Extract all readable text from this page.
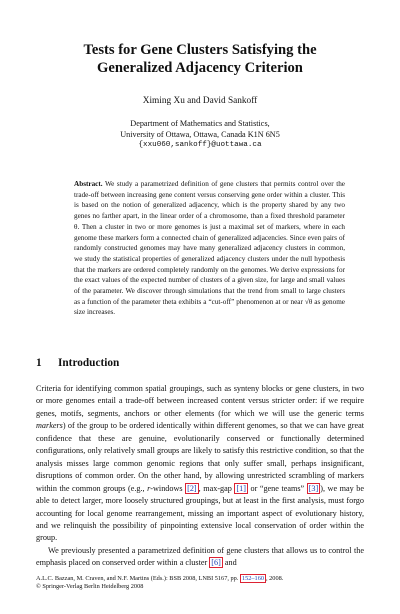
Tests for Gene Clusters Satisfying the
Generalized Adjacency Criterion
Ximing Xu and David Sankoff
Department of Mathematics and Statistics,
University of Ottawa, Ottawa, Canada K1N 6N5
{xxu060,sankoff}@uottawa.ca
Abstract. We study a parametrized definition of gene clusters that permits control over the trade-off between increasing gene content versus conserving gene order within a cluster. This is based on the notion of generalized adjacency, which is the property shared by any two genes no farther apart, in the linear order of a chromosome, than a fixed threshold parameter θ. Then a cluster in two or more genomes is just a maximal set of markers, where in each genome these markers form a connected chain of generalized adjacencies. Since even pairs of randomly constructed genomes may have many generalized adjacency clusters in common, we study the statistical properties of generalized adjacency clusters under the null hypothesis that the markers are ordered completely randomly on the genomes. We derive expressions for the exact values of the expected number of clusters of a given size, for large and small values of the parameter. We discover through simulations that the trend from small to large clusters as a function of the parameter theta exhibits a “cut-off” phenomenon at or near √θ as genome size increases.
1 Introduction

Criteria for identifying common spatial groupings, such as synteny blocks or gene clusters, in two or more genomes entail a trade-off between increased content versus stricter order: if we require genes, motifs, segments, anchors or other elements (for which we will use the generic terms markers) of the group to be ordered identically within different genomes, so that we can have great confidence that these are genuine, evolutionarily conserved or functionally determined configurations, only relatively small groups are likely to satisfy this restrictive condition, so that the analysis misses large common genomic regions that only suffer small, perhaps insignificant, disruptions of common order. On the other hand, by allowing unrestricted scrambling of markers within the common groups (e.g., r-windows [2] , max-gap [1] or “gene teams” [3] ), we may be able to detect larger, more loosely structured groupings, but at least in the first analysis, must forgo accounting for local genome rearrangement, missing an important aspect of evolutionary history, and we relinquish the possibility of pinpointing extensive local conservation of order within the group.

We previously presented a parametrized definition of gene clusters that allows us to control the emphasis placed on conserved order within a cluster [6] and

A.L.C. Bazzan, M. Craven, and N.F. Martins (Eds.): BSB 2008, LNBI 5167, pp. 152–160 , 2008.
© Springer-Verlag Berlin Heidelberg 2008
